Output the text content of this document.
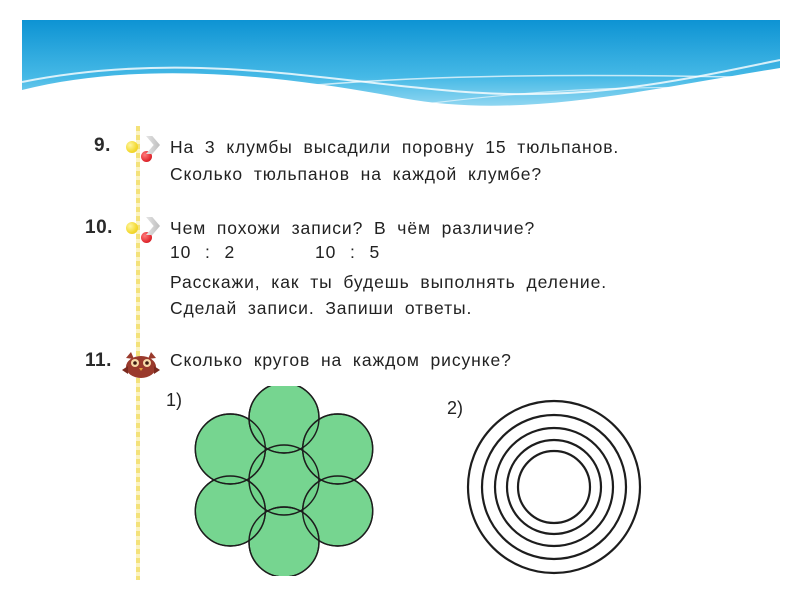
9.	На 3 клумбы высадили поровну 15 тюльпанов.
Сколько тюльпанов на каждой клумбе?
10.	Чем похожи записи? В чём различие?
10 : 2	10 : 5
Расскажи, как ты будешь выполнять деление.
Сделай записи. Запиши ответы.
11.	Сколько кругов на каждом рисунке?
1)	2)
